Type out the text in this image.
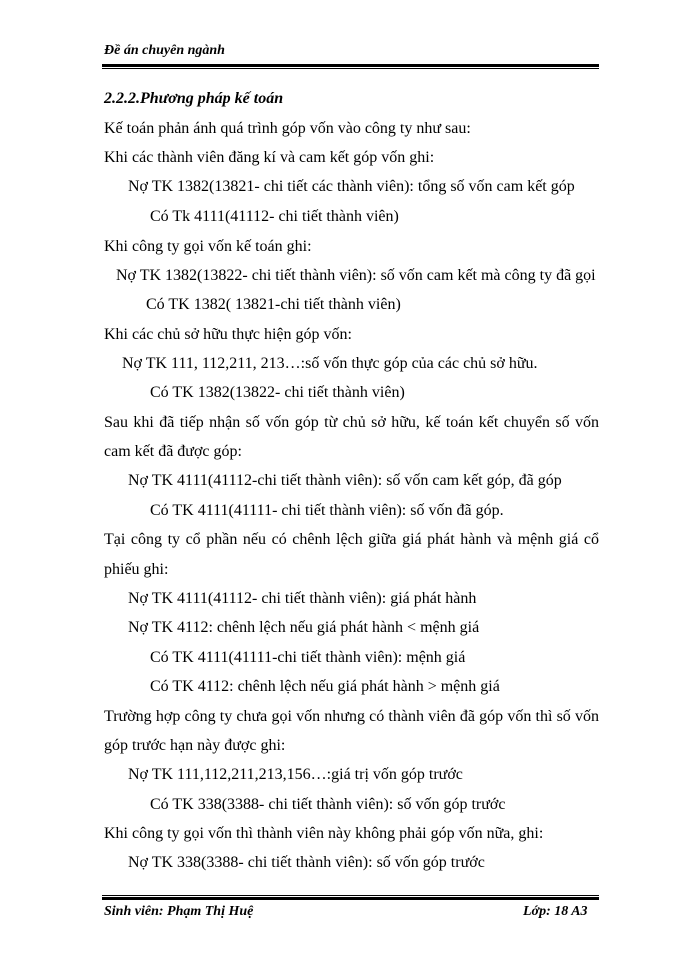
Đề án chuyên ngành
2.2.2.Phương pháp kế toán
Kế toán phản ánh quá trình góp vốn vào công ty như sau:
Khi các thành viên đăng kí và cam kết góp vốn ghi:
Nợ TK 1382(13821- chi tiết các thành viên): tổng số vốn cam kết góp
Có Tk 4111(41112- chi tiết thành viên)
Khi công ty gọi vốn kế toán ghi:
Nợ TK 1382(13822- chi tiết thành viên): số vốn cam kết mà công ty đã gọi
Có TK 1382( 13821-chi tiết thành viên)
Khi các chủ sở hữu thực hiện góp vốn:
Nợ TK 111, 112,211, 213…:số vốn thực góp của các chủ sở hữu.
Có TK 1382(13822- chi tiết thành viên)
Sau khi đã tiếp nhận số vốn góp từ chủ sở hữu, kế toán kết chuyển số vốn
cam kết đã được góp:
Nợ TK 4111(41112-chi tiết thành viên): số vốn cam kết góp, đã góp
Có TK 4111(41111- chi tiết thành viên): số vốn đã góp.
Tại công ty cổ phần nếu có chênh lệch giữa giá phát hành và mệnh giá cổ
phiếu ghi:
Nợ TK 4111(41112- chi tiết thành viên): giá phát hành
Nợ TK 4112: chênh lệch nếu giá phát hành < mệnh giá
Có TK 4111(41111-chi tiết thành viên): mệnh giá
Có TK 4112: chênh lệch nếu giá phát hành > mệnh giá
Trường hợp công ty chưa gọi vốn nhưng có thành viên đã góp vốn thì số vốn
góp trước hạn này được ghi:
Nợ TK 111,112,211,213,156…:giá trị vốn góp trước
Có TK 338(3388- chi tiết thành viên): số vốn góp trước
Khi công ty gọi vốn thì thành viên này không phải góp vốn nữa, ghi:
Nợ TK 338(3388- chi tiết thành viên): số vốn góp trước
Sinh viên: Phạm Thị Huệ	Lớp: 18 A3
